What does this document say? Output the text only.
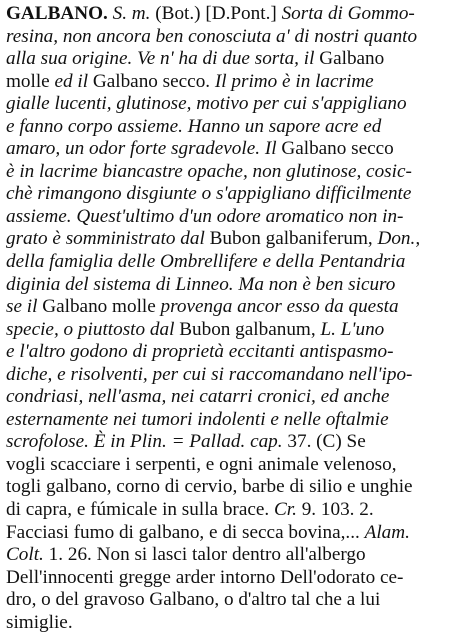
GALBANO. S. m. (Bot.) [D.Pont.] Sorta di Gommo-
resina, non ancora ben conosciuta a' di nostri quanto
alla sua origine. Ve n' ha di due sorta, il Galbano
molle ed il Galbano secco. Il primo è in lacrime
gialle lucenti, glutinose, motivo per cui s'appigliano
e fanno corpo assieme. Hanno un sapore acre ed
amaro, un odor forte sgradevole. Il Galbano secco
è in lacrime biancastre opache, non glutinose, cosic-
chè rimangono disgiunte o s'appigliano difficilmente
assieme. Quest'ultimo d'un odore aromatico non in-
grato è somministrato dal Bubon galbaniferum, Don.,
della famiglia delle Ombrellifere e della Pentandria
diginia del sistema di Linneo. Ma non è ben sicuro
se il Galbano molle provenga ancor esso da questa
specie, o piuttosto dal Bubon galbanum, L. L'uno
e l'altro godono di proprietà eccitanti antispasmo-
diche, e risolventi, per cui si raccomandano nell'ipo-
condriasi, nell'asma, nei catarri cronici, ed anche
esternamente nei tumori indolenti e nelle oftalmie
scrofolose. È in Plin. = Pallad. cap. 37. (C) Se
vogli scacciare i serpenti, e ogni animale velenoso,
togli galbano, corno di cervio, barbe di silio e unghie
di capra, e fúmicale in sulla brace. Cr. 9. 103. 2.
Facciasi fumo di galbano, e di secca bovina,... Alam.
Colt. 1. 26. Non si lasci talor dentro all'albergo
Dell'innocenti gregge arder intorno Dell'odorato ce-
dro, o del gravoso Galbano, o d'altro tal che a lui
simiglie.
